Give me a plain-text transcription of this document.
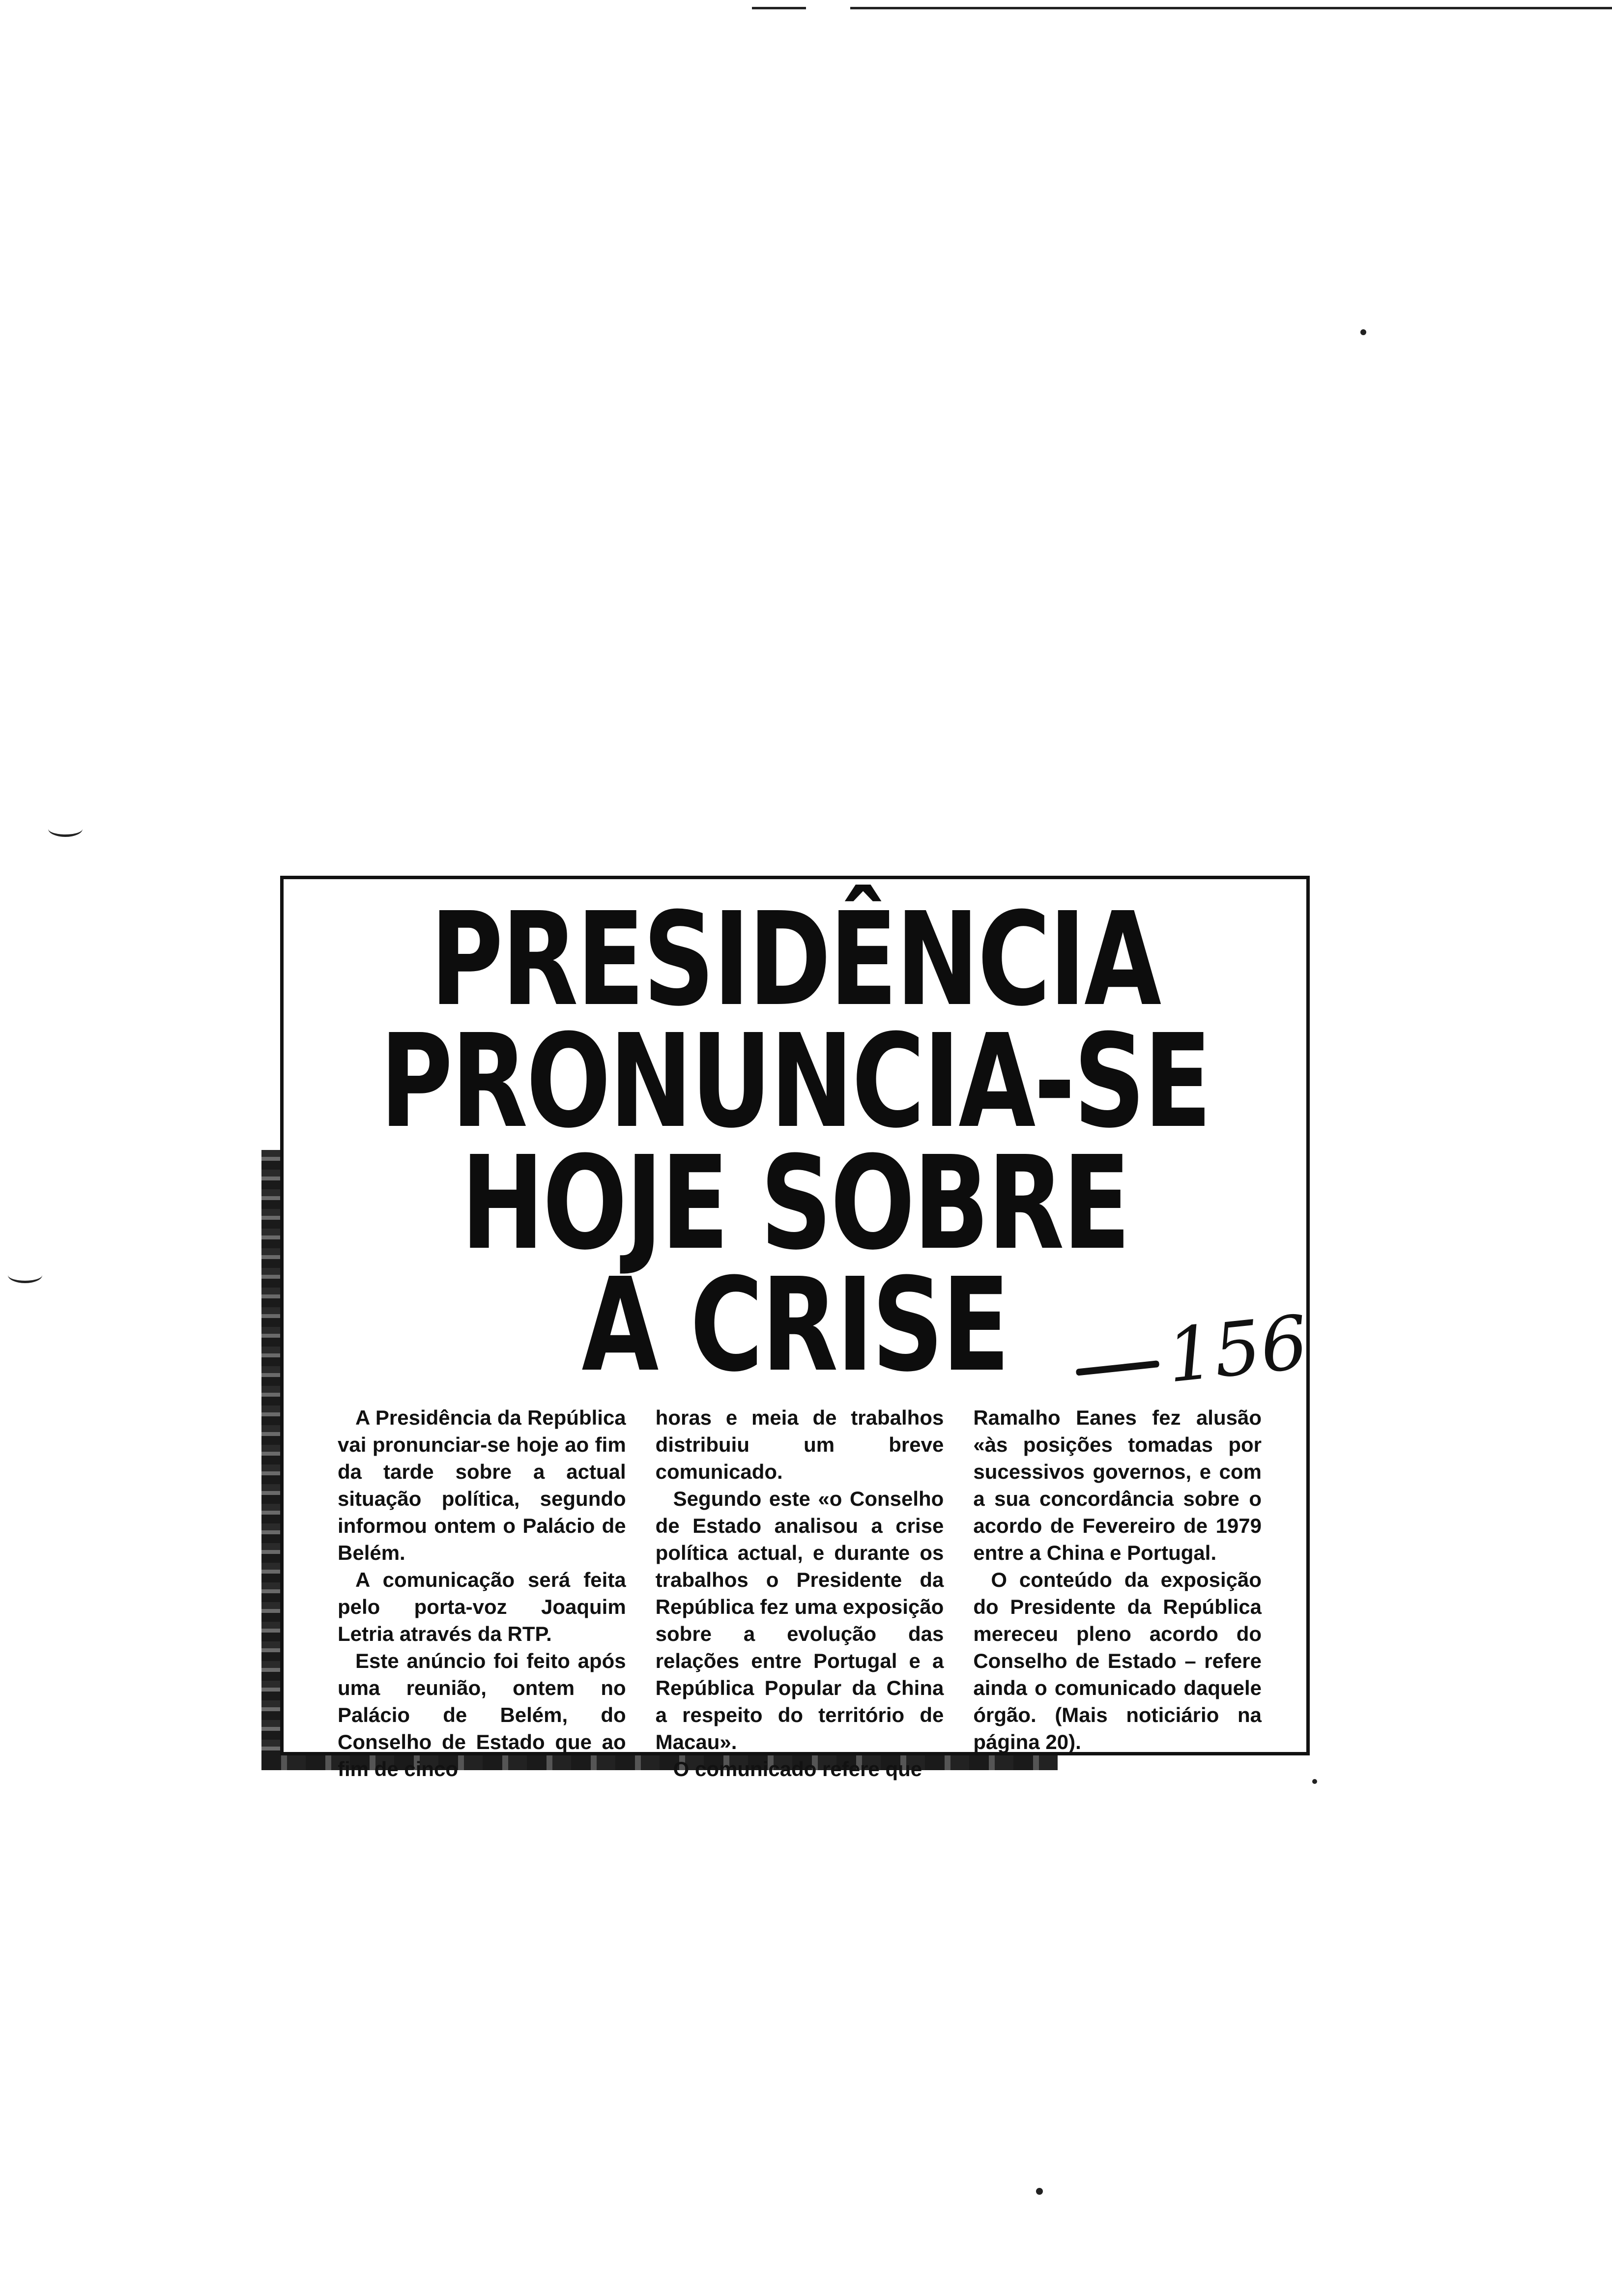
PRESIDÊNCIA
PRONUNCIA-SE
HOJE SOBRE
A CRISE	156

A Presidência da República vai pronunciar-se hoje ao fim da tarde sobre a actual situação política, segundo informou ontem o Palácio de Belém.

A comunicação será feita pelo porta-voz Joaquim Letria através da RTP.

Este anúncio foi feito após uma reunião, ontem no Palácio de Belém, do Conselho de Estado que ao fim de cinco

horas e meia de trabalhos distribuiu um breve comunicado.

Segundo este «o Conselho de Estado analisou a crise política actual, e durante os trabalhos o Presidente da República fez uma exposição sobre a evolução das relações entre Portugal e a República Popular da China a respeito do território de Macau».

O comunicado refere que

Ramalho Eanes fez alusão «às posições tomadas por sucessivos governos, e com a sua concordância sobre o acordo de Fevereiro de 1979 entre a China e Portugal.

O conteúdo da exposição do Presidente da República mereceu pleno acordo do Conselho de Estado – refere ainda o comunicado daquele órgão. (Mais noticiário na página 20).
